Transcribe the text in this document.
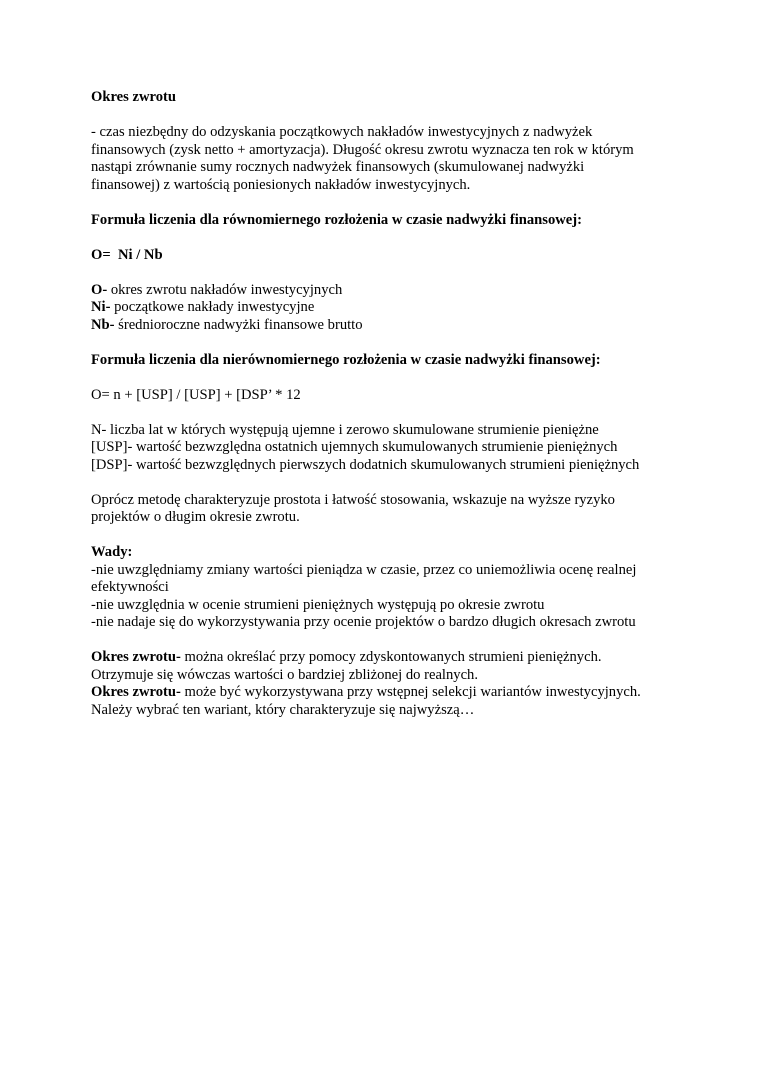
Okres zwrotu
- czas niezbędny do odzyskania początkowych nakładów inwestycyjnych z nadwyżek
finansowych (zysk netto + amortyzacja). Długość okresu zwrotu wyznacza ten rok w którym
nastąpi zrównanie sumy rocznych nadwyżek finansowych (skumulowanej nadwyżki
finansowej) z wartością poniesionych nakładów inwestycyjnych.
Formuła liczenia dla równomiernego rozłożenia w czasie nadwyżki finansowej:
O=  Ni / Nb
O- okres zwrotu nakładów inwestycyjnych
Ni- początkowe nakłady inwestycyjne
Nb- średnioroczne nadwyżki finansowe brutto
Formuła liczenia dla nierównomiernego rozłożenia w czasie nadwyżki finansowej:
O= n + [USP] / [USP] + [DSP’ * 12
N- liczba lat w których występują ujemne i zerowo skumulowane strumienie pieniężne
[USP]- wartość bezwzględna ostatnich ujemnych skumulowanych strumienie pieniężnych
[DSP]- wartość bezwzględnych pierwszych dodatnich skumulowanych strumieni pieniężnych
Oprócz metodę charakteryzuje prostota i łatwość stosowania, wskazuje na wyższe ryzyko
projektów o długim okresie zwrotu.
Wady:
-nie uwzględniamy zmiany wartości pieniądza w czasie, przez co uniemożliwia ocenę realnej
efektywności
-nie uwzględnia w ocenie strumieni pieniężnych występują po okresie zwrotu
-nie nadaje się do wykorzystywania przy ocenie projektów o bardzo długich okresach zwrotu
Okres zwrotu- można określać przy pomocy zdyskontowanych strumieni pieniężnych.
Otrzymuje się wówczas wartości o bardziej zbliżonej do realnych.
Okres zwrotu- może być wykorzystywana przy wstępnej selekcji wariantów inwestycyjnych.
Należy wybrać ten wariant, który charakteryzuje się najwyższą…
